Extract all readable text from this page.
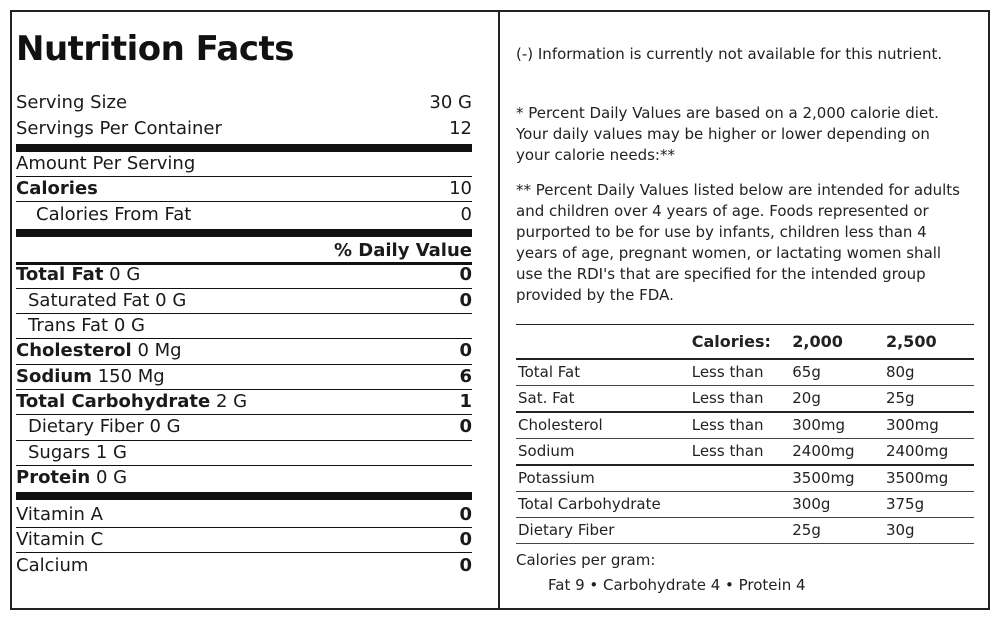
Nutrition Facts
Serving Size	30 G
Servings Per Container	12
Amount Per Serving
Calories	10
Calories From Fat	0
% Daily Value
Total Fat 0 G	0
Saturated Fat 0 G	0
Trans Fat 0 G
Cholesterol 0 Mg	0
Sodium 150 Mg	6
Total Carbohydrate 2 G	1
Dietary Fiber 0 G	0
Sugars 1 G
Protein 0 G
Vitamin A	0
Vitamin C	0
Calcium	0

(-) Information is currently not available for this nutrient.

* Percent Daily Values are based on a 2,000 calorie diet. Your daily values may be higher or lower depending on your calorie needs:**

** Percent Daily Values listed below are intended for adults and children over 4 years of age. Foods represented or purported to be for use by infants, children less than 4 years of age, pregnant women, or lactating women shall use the RDI's that are specified for the intended group provided by the FDA.

	Calories:	2,000	2,500
Total Fat	Less than	65g	80g
Sat. Fat	Less than	20g	25g
Cholesterol	Less than	300mg	300mg
Sodium	Less than	2400mg	2400mg
Potassium		3500mg	3500mg
Total Carbohydrate		300g	375g
Dietary Fiber		25g	30g
Calories per gram:
Fat 9 • Carbohydrate 4 • Protein 4
